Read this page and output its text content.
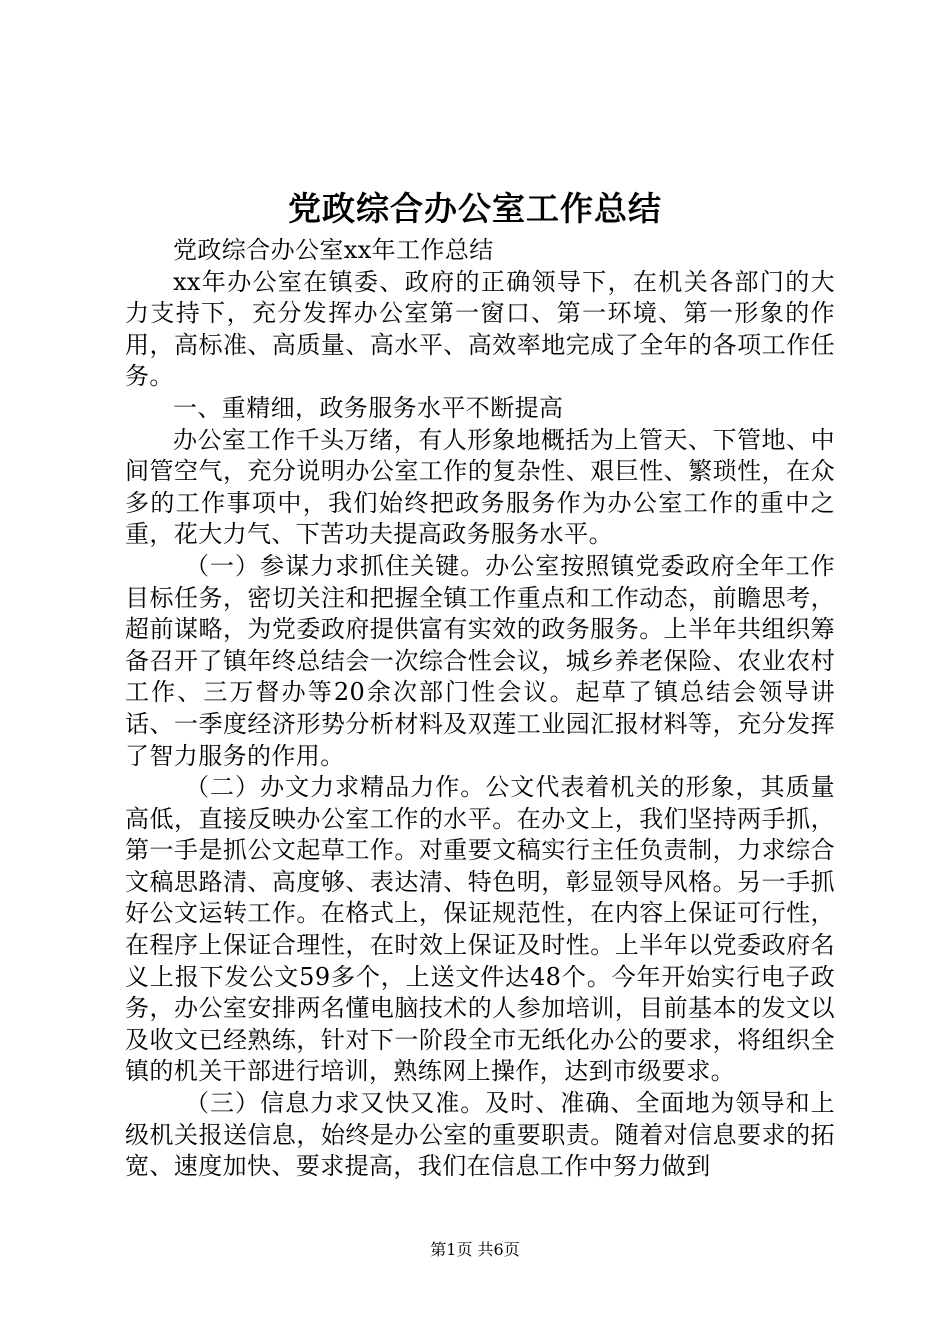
党政综合办公室工作总结

党政综合办公室xx年工作总结

xx年办公室在镇委、政府的正确领导下，在机关各部门的大力支持下，充分发挥办公室第一窗口、第一环境、第一形象的作用，高标准、高质量、高水平、高效率地完成了全年的各项工作任务。

一、重精细，政务服务水平不断提高

办公室工作千头万绪，有人形象地概括为上管天、下管地、中间管空气，充分说明办公室工作的复杂性、艰巨性、繁琐性，在众多的工作事项中，我们始终把政务服务作为办公室工作的重中之重，花大力气、下苦功夫提高政务服务水平。

（一）参谋力求抓住关键。办公室按照镇党委政府全年工作目标任务，密切关注和把握全镇工作重点和工作动态，前瞻思考，超前谋略，为党委政府提供富有实效的政务服务。上半年共组织筹备召开了镇年终总结会一次综合性会议，城乡养老保险、农业农村工作、三万督办等20余次部门性会议。起草了镇总结会领导讲话、一季度经济形势分析材料及双莲工业园汇报材料等，充分发挥了智力服务的作用。

（二）办文力求精品力作。公文代表着机关的形象，其质量高低，直接反映办公室工作的水平。在办文上，我们坚持两手抓，第一手是抓公文起草工作。对重要文稿实行主任负责制，力求综合文稿思路清、高度够、表达清、特色明，彰显领导风格。另一手抓好公文运转工作。在格式上，保证规范性，在内容上保证可行性，在程序上保证合理性，在时效上保证及时性。上半年以党委政府名义上报下发公文59多个，上送文件达48个。今年开始实行电子政务，办公室安排两名懂电脑技术的人参加培训，目前基本的发文以及收文已经熟练，针对下一阶段全市无纸化办公的要求，将组织全镇的机关干部进行培训，熟练网上操作，达到市级要求。

（三）信息力求又快又准。及时、准确、全面地为领导和上级机关报送信息，始终是办公室的重要职责。随着对信息要求的拓宽、速度加快、要求提高，我们在信息工作中努力做到

第1页 共6页
